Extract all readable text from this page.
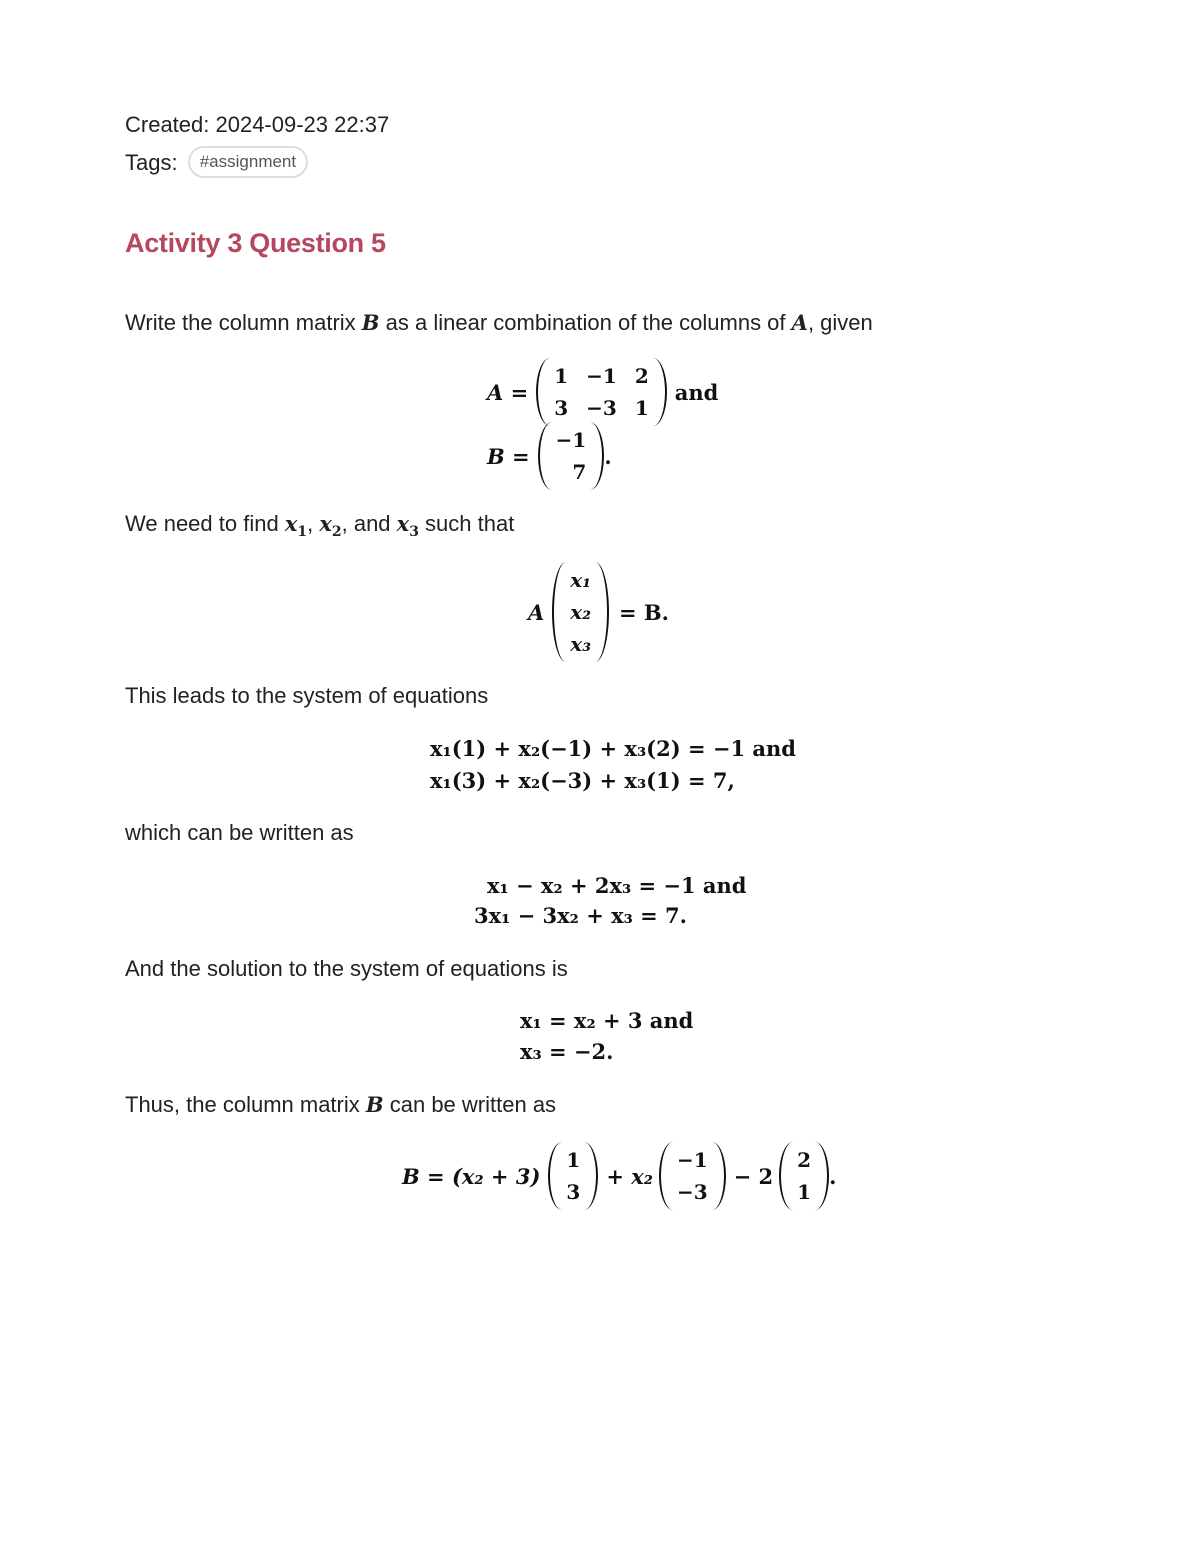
Created: 2024-09-23 22:37
Tags: #assignment
Activity 3 Question 5
Write the column matrix B as a linear combination of the columns of A, given
A =
1	−1	2
3	−3	1
and
B =
−1
7
.
We need to find $x_1$, $x_2$, and $x_3$ such that
A
x₁
x₂
x₃
= B.
This leads to the system of equations
x₁(1) + x₂(−1) + x₃(2) = −1 and
x₁(3) + x₂(−3) + x₃(1) = 7,
which can be written as
x₁ − x₂ + 2x₃ = −1 and
3x₁ − 3x₂ + x₃ = 7.
And the solution to the system of equations is
x₁ = x₂ + 3 and
x₃ = −2.
Thus, the column matrix B can be written as
B = (x₂ + 3)
1
3
+ x₂
−1
−3
− 2
2
1
.
